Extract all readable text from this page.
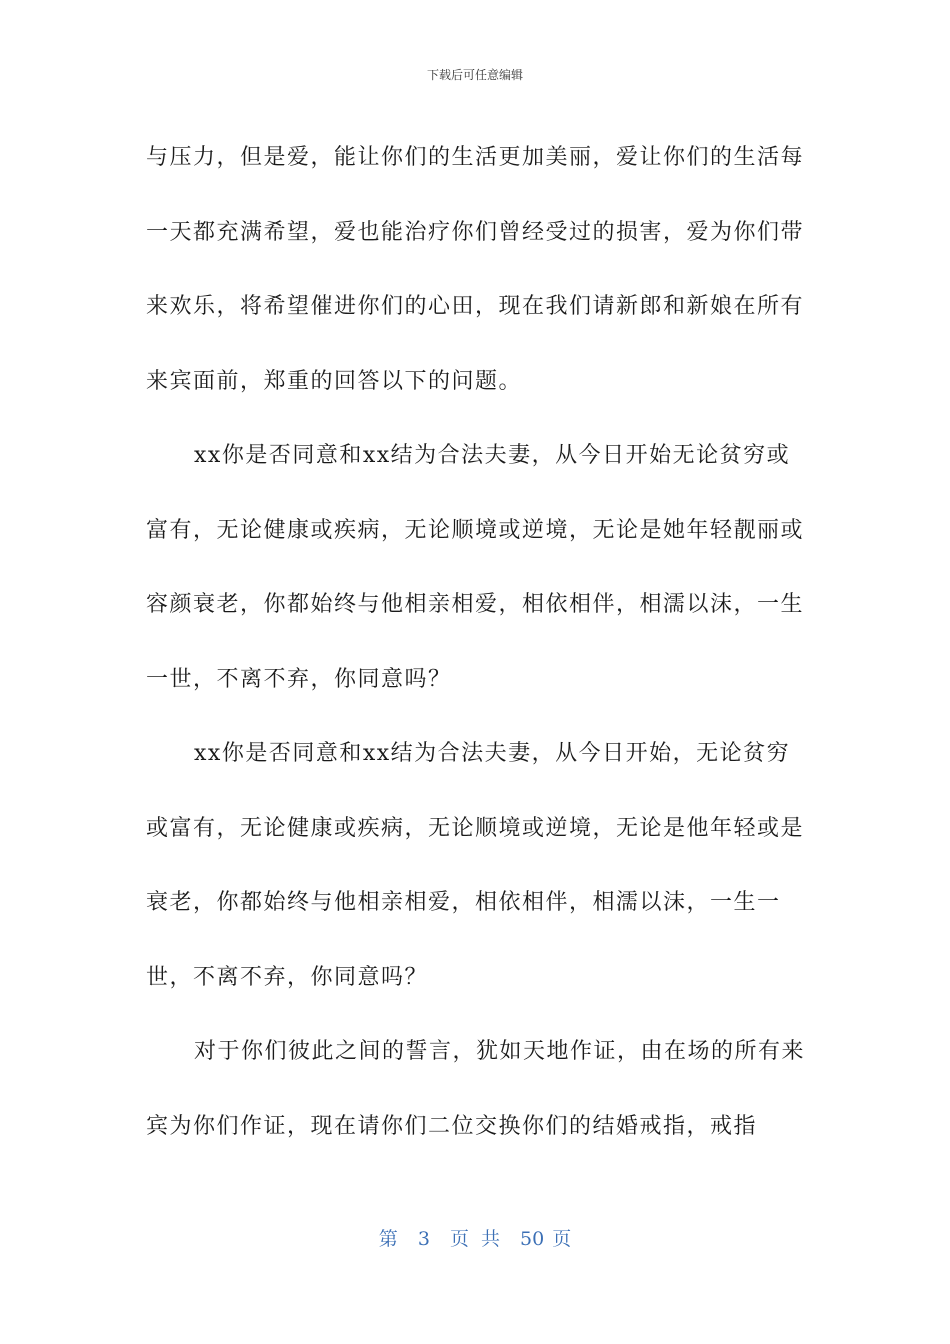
下载后可任意编辑

与压力，但是爱，能让你们的生活更加美丽，爱让你们的生活每一天都充满希望，爱也能治疗你们曾经受过的损害，爱为你们带来欢乐，将希望催进你们的心田，现在我们请新郎和新娘在所有来宾面前，郑重的回答以下的问题。

xx你是否同意和xx结为合法夫妻，从今日开始无论贫穷或富有，无论健康或疾病，无论顺境或逆境，无论是她年轻靓丽或容颜衰老，你都始终与他相亲相爱，相依相伴，相濡以沫，一生一世，不离不弃，你同意吗？

xx你是否同意和xx结为合法夫妻，从今日开始，无论贫穷或富有，无论健康或疾病，无论顺境或逆境，无论是他年轻或是衰老，你都始终与他相亲相爱，相依相伴，相濡以沫，一生一世，不离不弃，你同意吗？

对于你们彼此之间的誓言，犹如天地作证，由在场的所有来宾为你们作证，现在请你们二位交换你们的结婚戒指，戒指

第 3 页 共 50 页
